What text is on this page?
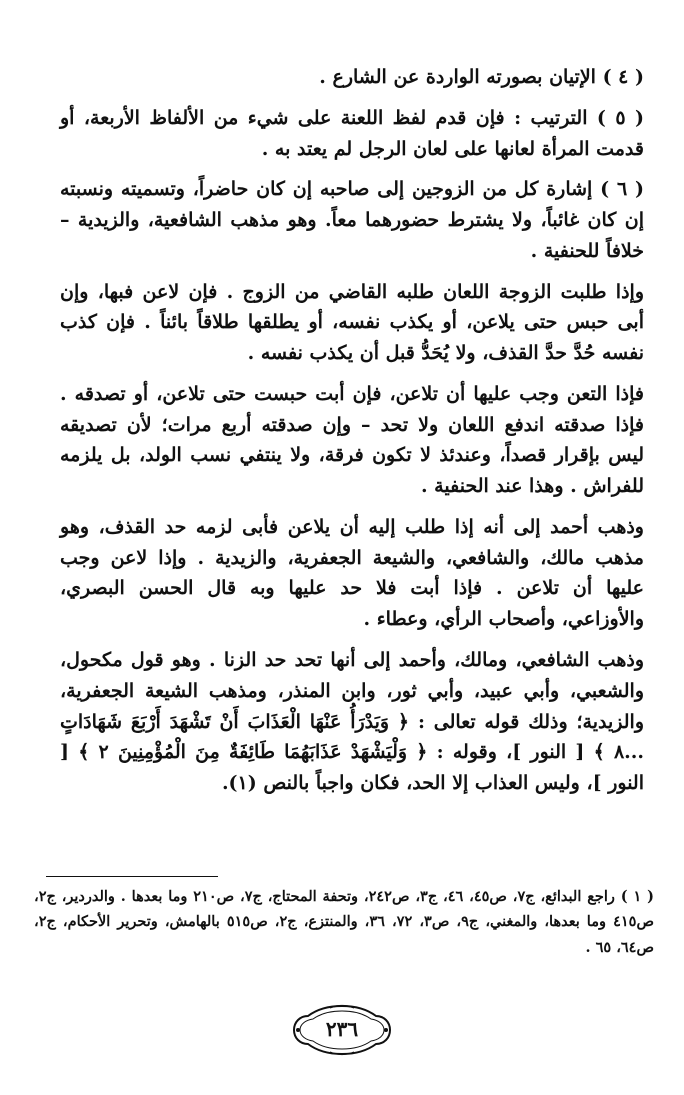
( ٤ ) الإتيان بصورته الواردة عن الشارع .

( ٥ ) الترتيب : فإن قدم لفظ اللعنة على شيء من الألفاظ الأربعة، أو قدمت المرأة لعانها على لعان الرجل لم يعتد به .

( ٦ ) إشارة كل من الزوجين إلى صاحبه إن كان حاضراً، وتسميته ونسبته إن كان غائباً، ولا يشترط حضورهما معاً. وهو مذهب الشافعية، والزيدية – خلافاً للحنفية .

وإذا طلبت الزوجة اللعان طلبه القاضي من الزوج . فإن لاعن فبها، وإن أبى حبس حتى يلاعن، أو يكذب نفسه، أو يطلقها طلاقاً بائناً . فإن كذب نفسه حُدَّ حدَّ القذف، ولا يُحَدُّ قبل أن يكذب نفسه .

فإذا التعن وجب عليها أن تلاعن، فإن أبت حبست حتى تلاعن، أو تصدقه . فإذا صدقته اندفع اللعان ولا تحد – وإن صدقته أربع مرات؛ لأن تصديقه ليس بإقرار قصداً، وعندئذ لا تكون فرقة، ولا ينتفي نسب الولد، بل يلزمه للفراش . وهذا عند الحنفية .

وذهب أحمد إلى أنه إذا طلب إليه أن يلاعن فأبى لزمه حد القذف، وهو مذهب مالك، والشافعي، والشيعة الجعفرية، والزيدية . وإذا لاعن وجب عليها أن تلاعن . فإذا أبت فلا حد عليها وبه قال الحسن البصري، والأوزاعي، وأصحاب الرأي، وعطاء .

وذهب الشافعي، ومالك، وأحمد إلى أنها تحد حد الزنا . وهو قول مكحول، والشعبي، وأبي عبيد، وأبي ثور، وابن المنذر، ومذهب الشيعة الجعفرية، والزيدية؛ وذلك قوله تعالى : ﴿ وَيَدْرَأُ عَنْهَا الْعَذَابَ أَنْ تَشْهَدَ أَرْبَعَ شَهَادَاتٍ ...٨ ﴾ [ النور ]، وقوله : ﴿ وَلْيَشْهَدْ عَذَابَهُمَا طَائِفَةٌ مِنَ الْمُؤْمِنِينَ ٢ ﴾ [ النور ]، وليس العذاب إلا الحد، فكان واجباً بالنص (١).

( ١ ) راجع البدائع، ج٧، ص٤٥، ٤٦، ج٣، ص٢٤٢، وتحفة المحتاج، ج٧، ص٢١٠ وما بعدها . والدردير، ج٢، ص٤١٥ وما بعدها، والمغني، ج٩، ص٣، ٧٢، ٣٦، والمنتزع، ج٢، ص٥١٥ بالهامش، وتحرير الأحكام، ج٢، ص٦٤، ٦٥ .

٢٣٦
